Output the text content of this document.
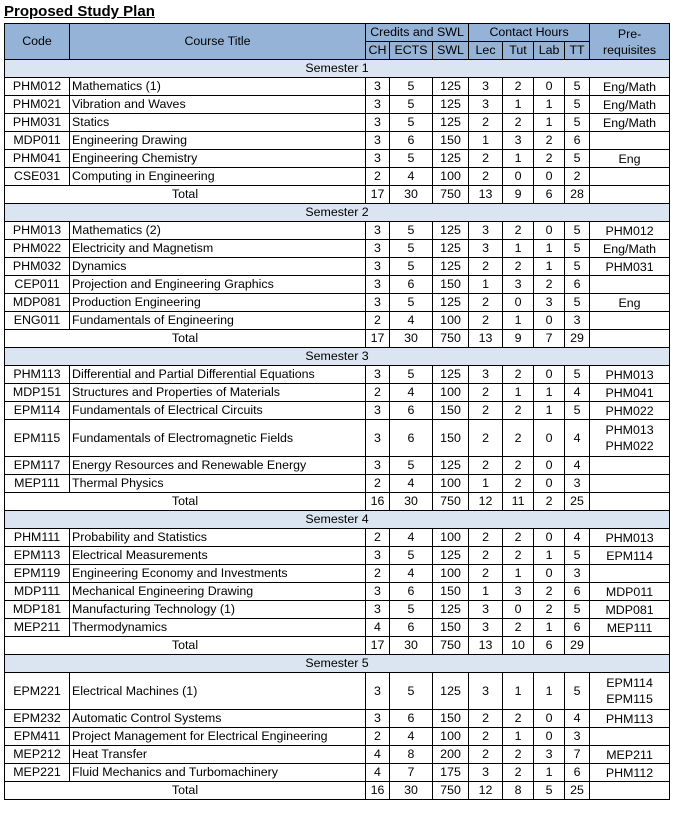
Proposed Study Plan
Code	Course Title	Credits and SWL			Contact Hours				Pre-
requisites

		CH	ECTS	SWL	Lec	Tut	Lab	TT	
Semester 1									
PHM012	Mathematics (1)	3	5	125	3	2	0	5	Eng/Math

PHM021	Vibration and Waves	3	5	125	3	1	1	5	Eng/Math

PHM031	Statics	3	5	125	2	2	1	5	Eng/Math

MDP011	Engineering Drawing	3	6	150	1	3	2	6	
PHM041	Engineering Chemistry	3	5	125	2	1	2	5	Eng

CSE031	Computing in Engineering	2	4	100	2	0	0	2	
Total		17	30	750	13	9	6	28	
Semester 2									
PHM013	Mathematics (2)	3	5	125	3	2	0	5	PHM012

PHM022	Electricity and Magnetism	3	5	125	3	1	1	5	Eng/Math

PHM032	Dynamics	3	5	125	2	2	1	5	PHM031

CEP011	Projection and Engineering Graphics	3	6	150	1	3	2	6	
MDP081	Production Engineering	3	5	125	2	0	3	5	Eng

ENG011	Fundamentals of Engineering	2	4	100	2	1	0	3	
Total		17	30	750	13	9	7	29	
Semester 3									
PHM113	Differential and Partial Differential Equations	3	5	125	3	2	0	5	PHM013

MDP151	Structures and Properties of Materials	2	4	100	2	1	1	4	PHM041

EPM114	Fundamentals of Electrical Circuits	3	6	150	2	2	1	5	PHM022

EPM115	Fundamentals of Electromagnetic Fields	3	6	150	2	2	0	4	PHM013
PHM022

EPM117	Energy Resources and Renewable Energy	3	5	125	2	2	0	4	
MEP111	Thermal Physics	2	4	100	1	2	0	3	
Total		16	30	750	12	11	2	25	
Semester 4									
PHM111	Probability and Statistics	2	4	100	2	2	0	4	PHM013

EPM113	Electrical Measurements	3	5	125	2	2	1	5	EPM114

EPM119	Engineering Economy and Investments	2	4	100	2	1	0	3	
MDP111	Mechanical Engineering Drawing	3	6	150	1	3	2	6	MDP011

MDP181	Manufacturing Technology (1)	3	5	125	3	0	2	5	MDP081

MEP211	Thermodynamics	4	6	150	3	2	1	6	MEP111

Total		17	30	750	13	10	6	29	
Semester 5									
EPM221	Electrical Machines (1)	3	5	125	3	1	1	5	EPM114
EPM115

EPM232	Automatic Control Systems	3	6	150	2	2	0	4	PHM113

EPM411	Project Management for Electrical Engineering	2	4	100	2	1	0	3	
MEP212	Heat Transfer	4	8	200	2	2	3	7	MEP211

MEP221	Fluid Mechanics and Turbomachinery	4	7	175	3	2	1	6	PHM112

Total		16	30	750	12	8	5	25	
